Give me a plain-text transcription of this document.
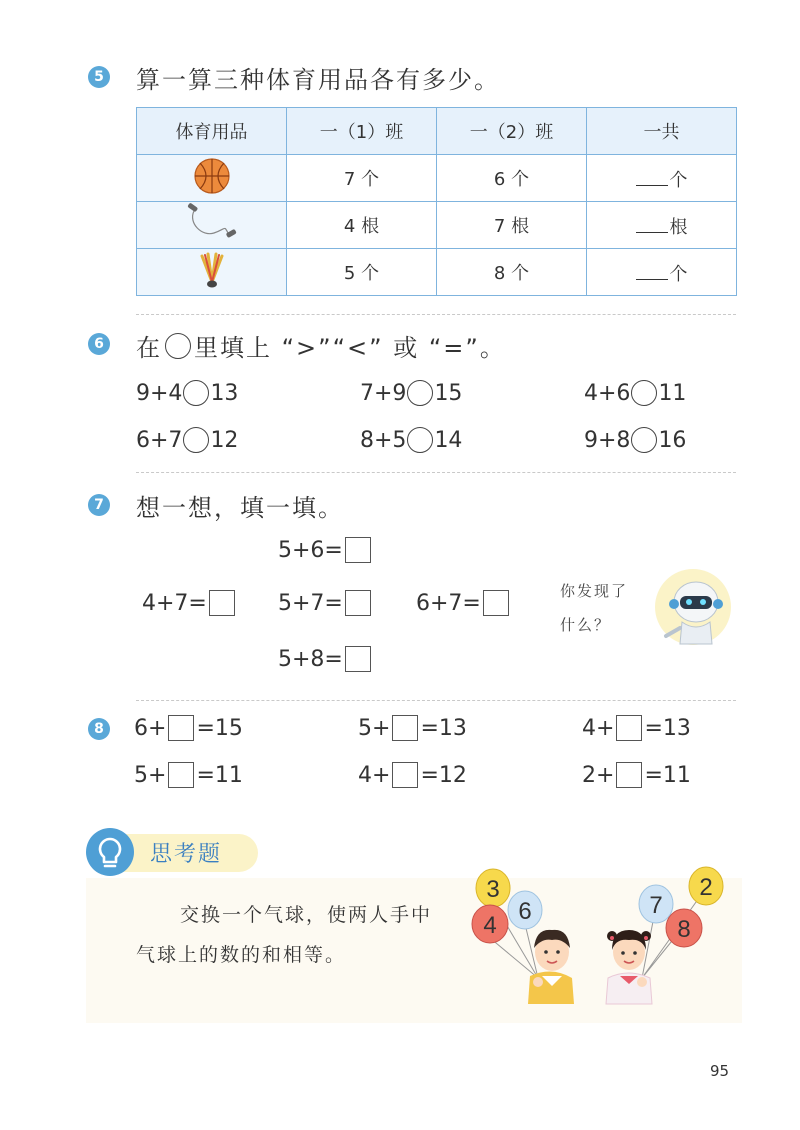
5 算一算三种体育用品各有多少。
体育用品	一（1）班	一（2）班	一共
	7 个	6 个	个
	4 根	7 根	根
	5 个	8 个	个
6 在 里填上 “>”“<” 或 “=”。
9+4 13	7+9 15	4+6 11
6+7 12	8+5 14	9+8 16
7 想一想，填一填。
5+6=
4+7=	5+7=	6+7=
5+8=
你发现了
什么？
8 6+ =15	5+ =13	4+ =13
5+ =11	4+ =12	2+ =11
思考题
交换一个气球，使两人手中
气球上的数的和相等。
3
4
6	7
2
8
95
